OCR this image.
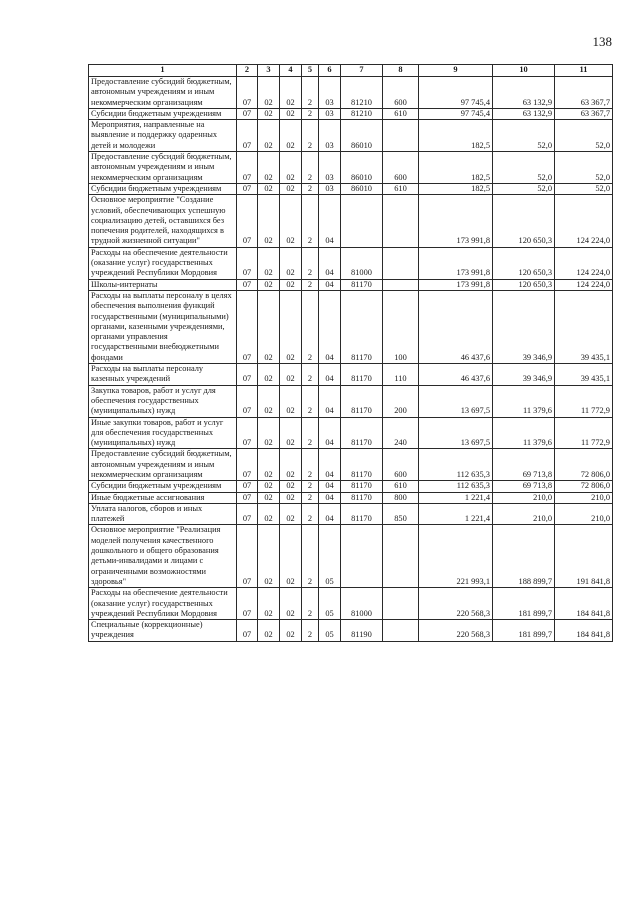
138
1	2	3	4	5	6	7	8	9	10	11
Предоставление субсидий бюджетным, автономным учреждениям и иным некоммерческим организациям	07	02	02	2	03	81210	600	97 745,4	63 132,9	63 367,7
Субсидии бюджетным учреждениям	07	02	02	2	03	81210	610	97 745,4	63 132,9	63 367,7
Мероприятия, направленные на выявление и поддержку одаренных детей и молодежи	07	02	02	2	03	86010		182,5	52,0	52,0
Предоставление субсидий бюджетным, автономным учреждениям и иным некоммерческим организациям	07	02	02	2	03	86010	600	182,5	52,0	52,0
Субсидии бюджетным учреждениям	07	02	02	2	03	86010	610	182,5	52,0	52,0
Основное мероприятие "Создание условий, обеспечивающих успешную социализацию детей, оставшихся без попечения родителей, находящихся в трудной жизненной ситуации"	07	02	02	2	04			173 991,8	120 650,3	124 224,0
Расходы на обеспечение деятельности (оказание услуг) государственных учреждений Республики Мордовия	07	02	02	2	04	81000		173 991,8	120 650,3	124 224,0
Школы-интернаты	07	02	02	2	04	81170		173 991,8	120 650,3	124 224,0
Расходы на выплаты персоналу в целях обеспечения выполнения функций государственными (муниципальными) органами, казенными учреждениями, органами управления государственными внебюджетными фондами	07	02	02	2	04	81170	100	46 437,6	39 346,9	39 435,1
Расходы на выплаты персоналу казенных учреждений	07	02	02	2	04	81170	110	46 437,6	39 346,9	39 435,1
Закупка товаров, работ и услуг для обеспечения государственных (муниципальных) нужд	07	02	02	2	04	81170	200	13 697,5	11 379,6	11 772,9
Иные закупки товаров, работ и услуг для обеспечения государственных (муниципальных) нужд	07	02	02	2	04	81170	240	13 697,5	11 379,6	11 772,9
Предоставление субсидий бюджетным, автономным учреждениям и иным некоммерческим организациям	07	02	02	2	04	81170	600	112 635,3	69 713,8	72 806,0
Субсидии бюджетным учреждениям	07	02	02	2	04	81170	610	112 635,3	69 713,8	72 806,0
Иные бюджетные ассигнования	07	02	02	2	04	81170	800	1 221,4	210,0	210,0
Уплата налогов, сборов и иных платежей	07	02	02	2	04	81170	850	1 221,4	210,0	210,0
Основное мероприятие "Реализация моделей получения качественного дошкольного и общего образования детьми-инвалидами и лицами с ограниченными возможностями здоровья"	07	02	02	2	05			221 993,1	188 899,7	191 841,8
Расходы на обеспечение деятельности (оказание услуг) государственных учреждений Республики Мордовия	07	02	02	2	05	81000		220 568,3	181 899,7	184 841,8
Специальные (коррекционные) учреждения	07	02	02	2	05	81190		220 568,3	181 899,7	184 841,8
